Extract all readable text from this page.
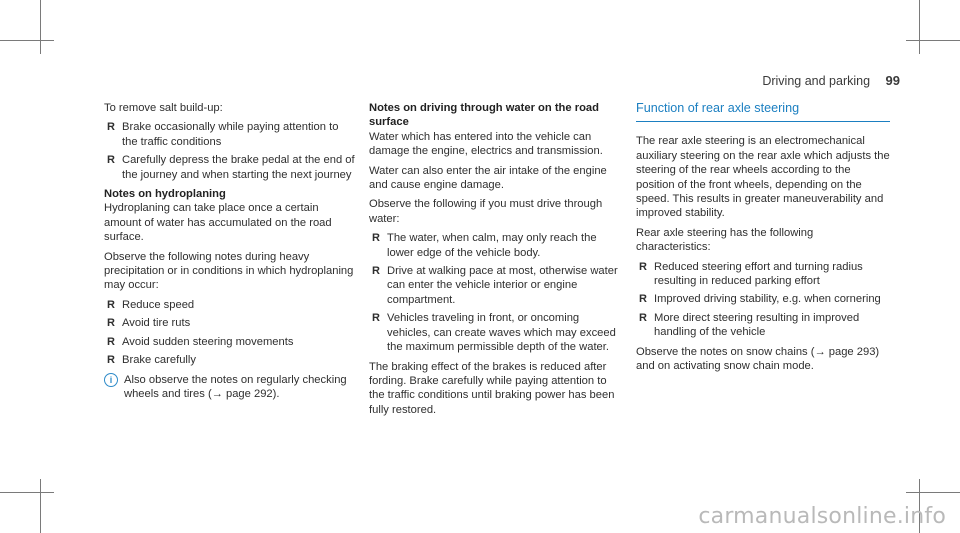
Driving and parking 99

To remove salt build-up:

R Brake occasionally while paying attention to the traffic conditions
R Carefully depress the brake pedal at the end of the journey and when starting the next journey

Notes on hydroplaning

Hydroplaning can take place once a certain amount of water has accumulated on the road surface.

Observe the following notes during heavy precipitation or in conditions in which hydroplaning may occur:

R Reduce speed
R Avoid tire ruts
R Avoid sudden steering movements
R Brake carefully
i	Also observe the notes on regularly checking wheels and tires (→ page 292).

Notes on driving through water on the road surface

Water which has entered into the vehicle can damage the engine, electrics and transmission.

Water can also enter the air intake of the engine and cause engine damage.

Observe the following if you must drive through water:

R The water, when calm, may only reach the lower edge of the vehicle body.
R Drive at walking pace at most, otherwise water can enter the vehicle interior or engine compartment.
R Vehicles traveling in front, or oncoming vehicles, can create waves which may exceed the maximum permissible depth of the water.

The braking effect of the brakes is reduced after fording. Brake carefully while paying attention to the traffic conditions until braking power has been fully restored.

Function of rear axle steering

The rear axle steering is an electromechanical auxiliary steering on the rear axle which adjusts the steering of the rear wheels according to the position of the front wheels, depending on the speed. This results in greater maneuverability and improved stability.

Rear axle steering has the following characteristics:

R Reduced steering effort and turning radius resulting in reduced parking effort
R Improved driving stability, e.g. when cornering
R More direct steering resulting in improved handling of the vehicle

Observe the notes on snow chains (→ page 293) and on activating snow chain mode.

carmanualsonline.info
